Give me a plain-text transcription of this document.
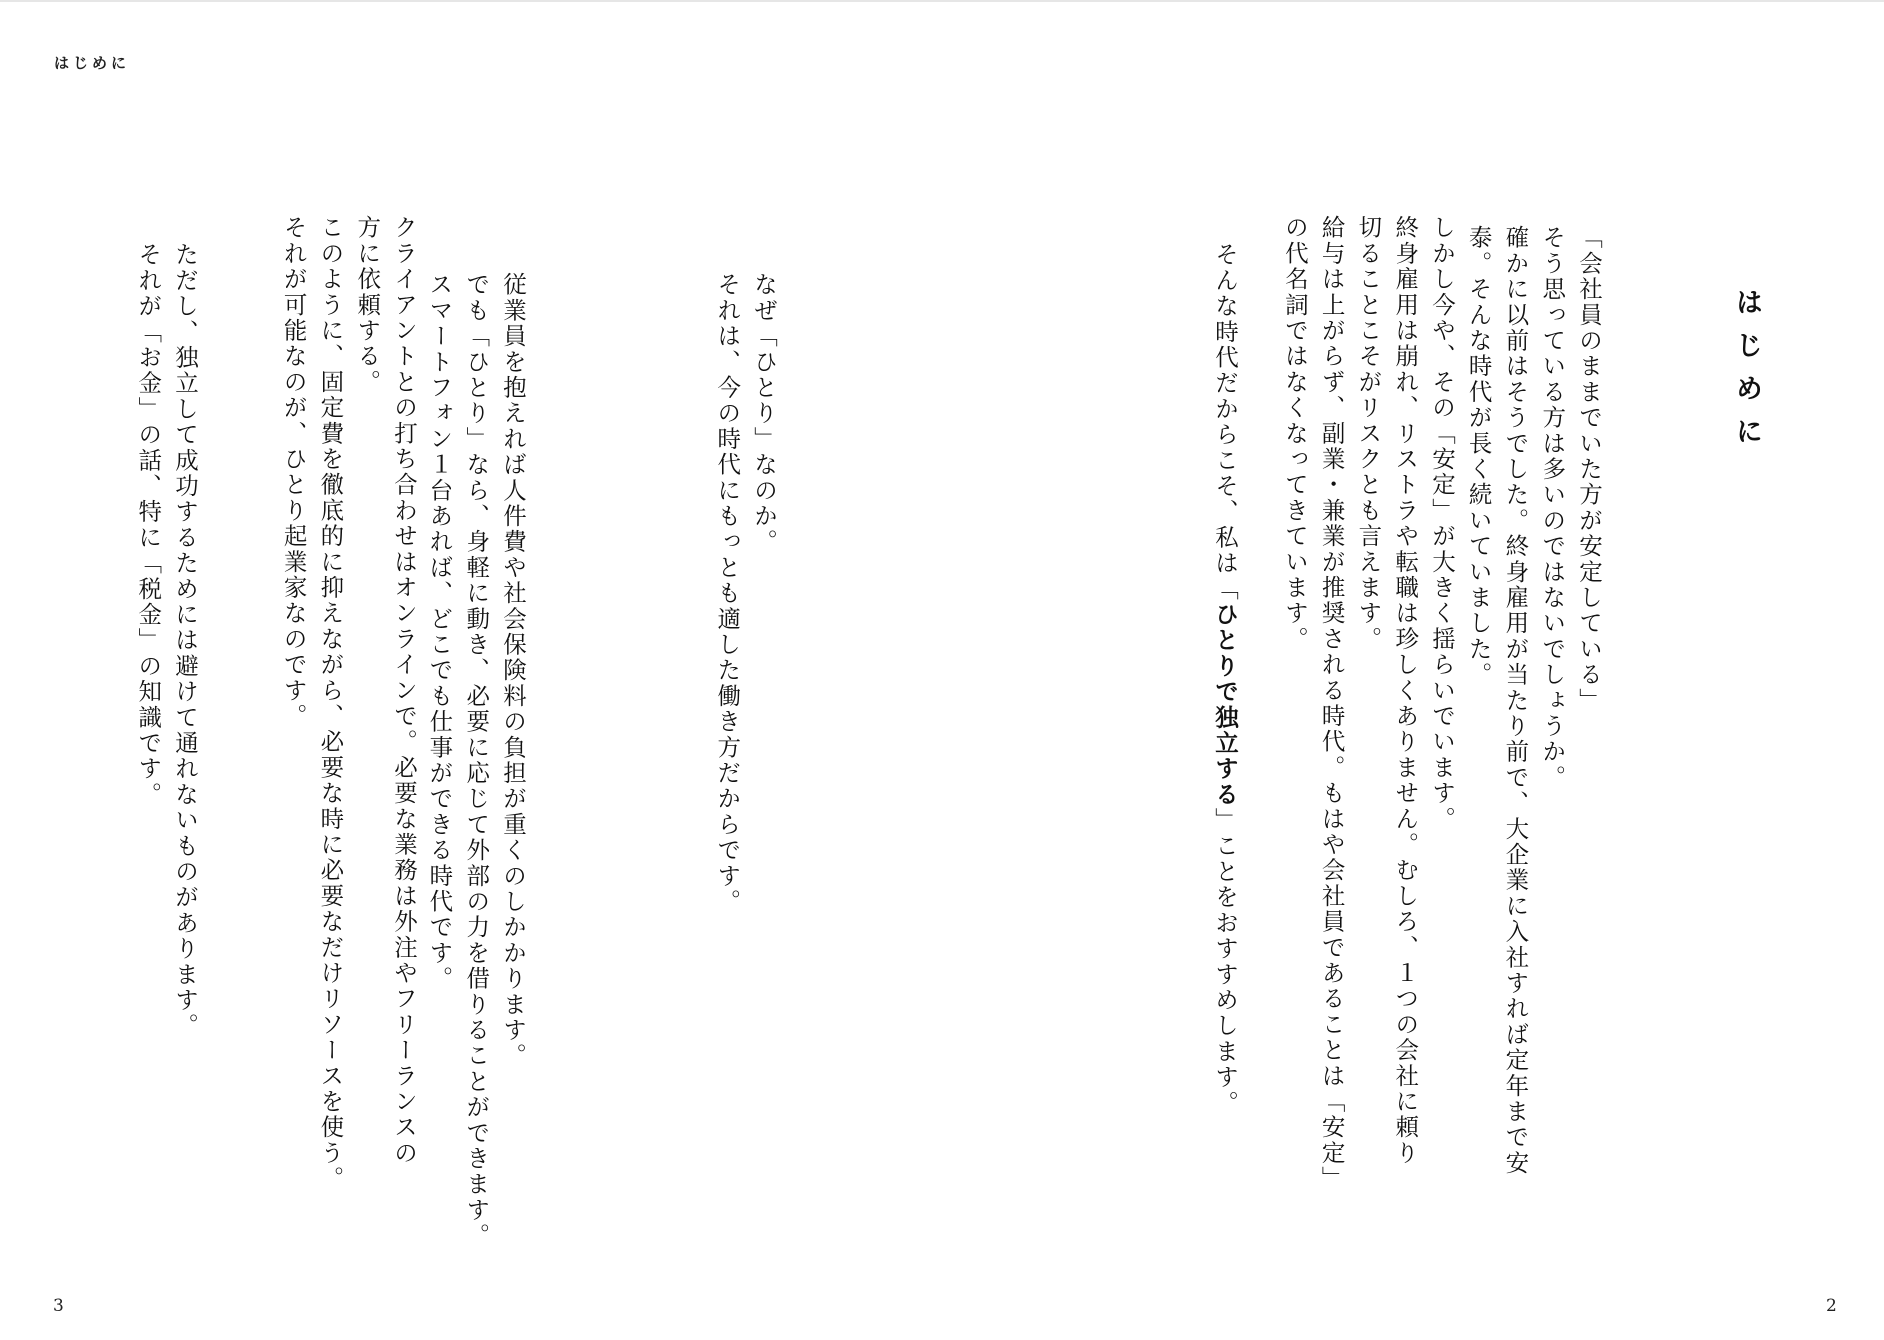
はじめに
はじめに
「会社員のままでいた方が安定している」
そう思っている方は多いのではないでしょうか。
確かに以前はそうでした。終身雇用が当たり前で、大企業に入社すれば定年まで安
泰。そんな時代が長く続いていました。
しかし今や、その「安定」が大きく揺らいでいます。
終身雇用は崩れ、リストラや転職は珍しくありません。むしろ、１つの会社に頼り
切ることこそがリスクとも言えます。
給与は上がらず、副業・兼業が推奨される時代。もはや会社員であることは「安定」
の代名詞ではなくなってきています。
そんな時代だからこそ、私は「ひとりで独立する」ことをおすすめします。
なぜ「ひとり」なのか。
それは、今の時代にもっとも適した働き方だからです。
従業員を抱えれば人件費や社会保険料の負担が重くのしかかります。
でも「ひとり」なら、身軽に動き、必要に応じて外部の力を借りることができます。
スマートフォン１台あれば、どこでも仕事ができる時代です。
クライアントとの打ち合わせはオンラインで。必要な業務は外注やフリーランスの
方に依頼する。
このように、固定費を徹底的に抑えながら、必要な時に必要なだけリソースを使う。
それが可能なのが、ひとり起業家なのです。
ただし、独立して成功するためには避けて通れないものがあります。
それが「お金」の話、特に「税金」の知識です。
3	2
